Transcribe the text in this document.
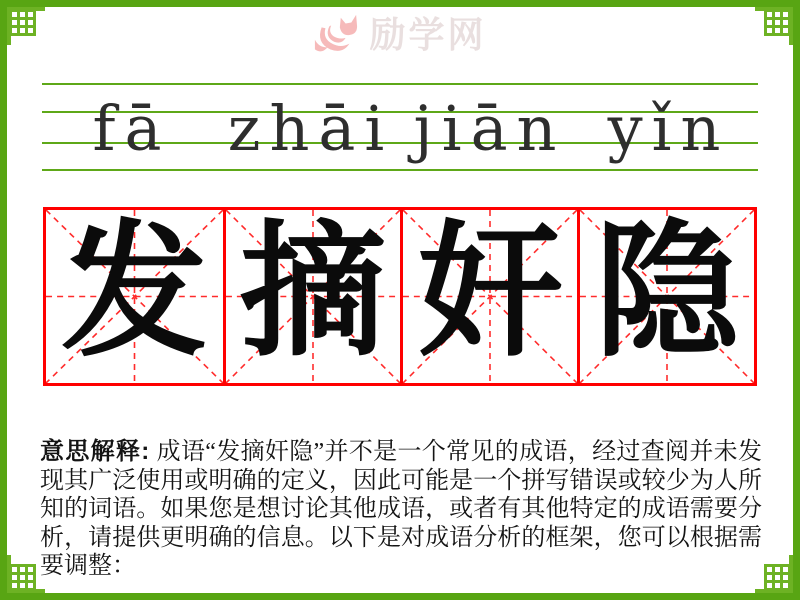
励学网
fā zhāi jiān yǐn
发 摘 奸 隐

意思解释: 成语“发摘奸隐”并不是一个常见的成语，经过查阅并未发现其广泛使用或明确的定义，因此可能是一个拼写错误或较少为人所知的词语。如果您是想讨论其他成语，或者有其他特定的成语需要分析，请提供更明确的信息。以下是对成语分析的框架，您可以根据需要调整：
